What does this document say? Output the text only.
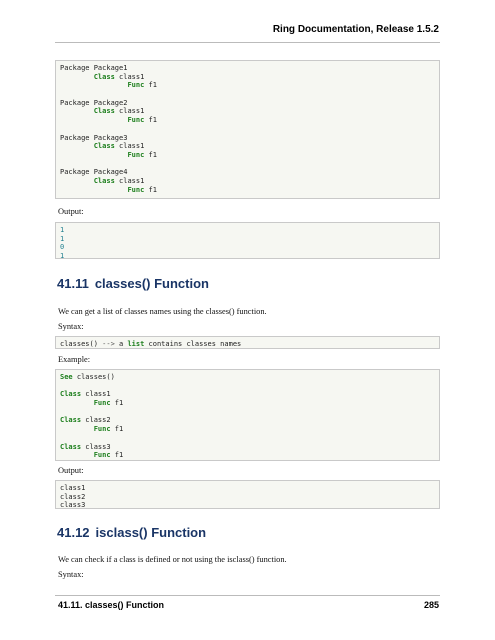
Ring Documentation, Release 1.5.2
Package Package1
Class class1
Func f1
Package Package2
Class class1
Func f1
Package Package3
Class class1
Func f1
Package Package4
Class class1
Func f1
Output:
1
1
0
1
41.11 classes() Function
We can get a list of classes names using the classes() function.
Syntax:
classes() --> a list contains classes names
Example:
See classes()
Class class1
Func f1
Class class2
Func f1
Class class3
Func f1
Output:
class1
class2
class3
41.12 isclass() Function
We can check if a class is defined or not using the isclass() function.
Syntax:
41.11. classes() Function	285
